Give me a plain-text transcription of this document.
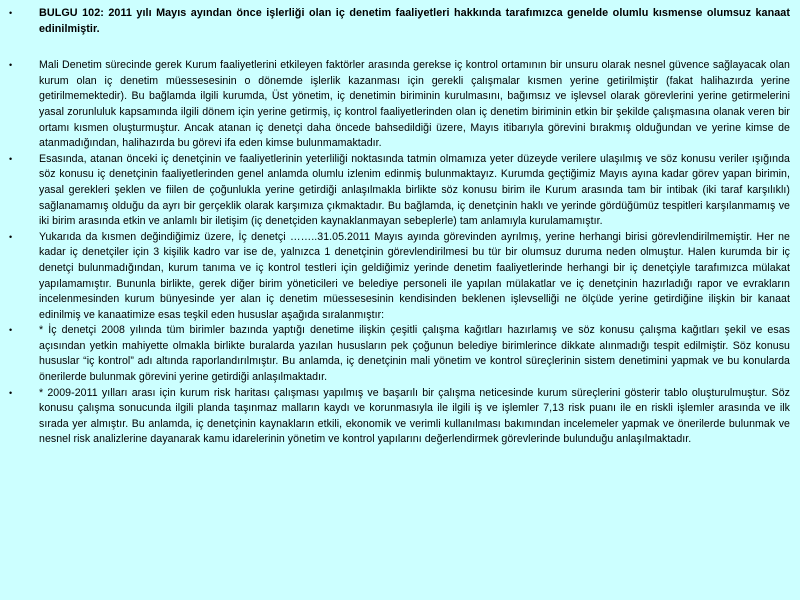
•	BULGU 102: 2011 yılı Mayıs ayından önce işlerliği olan iç denetim faaliyetleri hakkında tarafımızca genelde olumlu kısmense olumsuz kanaat edinilmiştir.
•	Mali Denetim sürecinde gerek Kurum faaliyetlerini etkileyen faktörler arasında gerekse iç kontrol ortamının bir unsuru olarak nesnel güvence sağlayacak olan kurum olan iç denetim müessesesinin o dönemde işlerlik kazanması için gerekli çalışmalar kısmen yerine getirilmiştir (fakat halihazırda yerine getirilmemektedir). Bu bağlamda ilgili kurumda, Üst yönetim, iç denetimin biriminin kurulmasını, bağımsız ve işlevsel olarak görevlerini yerine getirmelerini yasal zorunluluk kapsamında ilgili dönem için yerine getirmiş, iç kontrol faaliyetlerinden olan iç denetim biriminin etkin bir şekilde çalışmasına olanak veren bir ortamı kısmen oluşturmuştur. Ancak atanan iç denetçi daha öncede bahsedildiği üzere, Mayıs itibarıyla görevini bırakmış olduğundan ve yerine kimse de atanmadığından, halihazırda bu görevi ifa eden kimse bulunmamaktadır.
•	Esasında, atanan önceki iç denetçinin ve faaliyetlerinin yeterliliği noktasında tatmin olmamıza yeter düzeyde verilere ulaşılmış ve söz konusu veriler ışığında söz konusu iç denetçinin faaliyetlerinden genel anlamda olumlu izlenim edinmiş bulunmaktayız. Kurumda geçtiğimiz Mayıs ayına kadar görev yapan birimin, yasal gerekleri şeklen ve fiilen de çoğunlukla yerine getirdiği anlaşılmakla birlikte söz konusu birim ile Kurum arasında tam bir intibak (iki taraf karşılıklı) sağlanamamış olduğu da ayrı bir gerçeklik olarak karşımıza çıkmaktadır. Bu bağlamda, iç denetçinin haklı ve yerinde gördüğümüz tespitleri karşılanmamış ve iki birim arasında etkin ve anlamlı bir iletişim (iç denetçiden kaynaklanmayan sebeplerle) tam anlamıyla kurulamamıştır.
•	Yukarıda da kısmen değindiğimiz üzere, İç denetçi ……..31.05.2011 Mayıs ayında görevinden ayrılmış, yerine herhangi birisi görevlendirilmemiştir. Her ne kadar iç denetçiler için 3 kişilik kadro var ise de, yalnızca 1 denetçinin görevlendirilmesi bu tür bir olumsuz duruma neden olmuştur. Halen kurumda bir iç denetçi bulunmadığından, kurum tanıma ve iç kontrol testleri için geldiğimiz yerinde denetim faaliyetlerinde herhangi bir iç denetçiyle tarafımızca mülakat yapılamamıştır. Bununla birlikte, gerek diğer birim yöneticileri ve belediye personeli ile yapılan mülakatlar ve iç denetçinin hazırladığı rapor ve evrakların incelenmesinden kurum bünyesinde yer alan iç denetim müessesesinin kendisinden beklenen işlevselliği ne ölçüde yerine getirdiğine ilişkin bir kanaat edinilmiş ve kanaatimize esas teşkil eden hususlar aşağıda sıralanmıştır:
•	* İç denetçi 2008 yılında tüm birimler bazında yaptığı denetime ilişkin çeşitli çalışma kağıtları hazırlamış ve söz konusu çalışma kağıtları şekil ve esas açısından yetkin mahiyette olmakla birlikte buralarda yazılan hususların pek çoğunun belediye birimlerince dikkate alınmadığı tespit edilmiştir. Söz konusu hususlar “iç kontrol” adı altında raporlandırılmıştır. Bu anlamda, iç denetçinin mali yönetim ve kontrol süreçlerinin sistem denetimini yapmak ve bu konularda önerilerde bulunmak görevini yerine getirdiği anlaşılmaktadır.
•	* 2009-2011 yılları arası için kurum risk haritası çalışması yapılmış ve başarılı bir çalışma neticesinde kurum süreçlerini gösterir tablo oluşturulmuştur. Söz konusu çalışma sonucunda ilgili planda taşınmaz malların kaydı ve korunmasıyla ile ilgili iş ve işlemler 7,13 risk puanı ile en riskli işlemler arasında ve ilk sırada yer almıştır. Bu anlamda, iç denetçinin kaynakların etkili, ekonomik ve verimli kullanılması bakımından incelemeler yapmak ve önerilerde bulunmak ve nesnel risk analizlerine dayanarak kamu idarelerinin yönetim ve kontrol yapılarını değerlendirmek görevlerinde bulunduğu anlaşılmaktadır.
